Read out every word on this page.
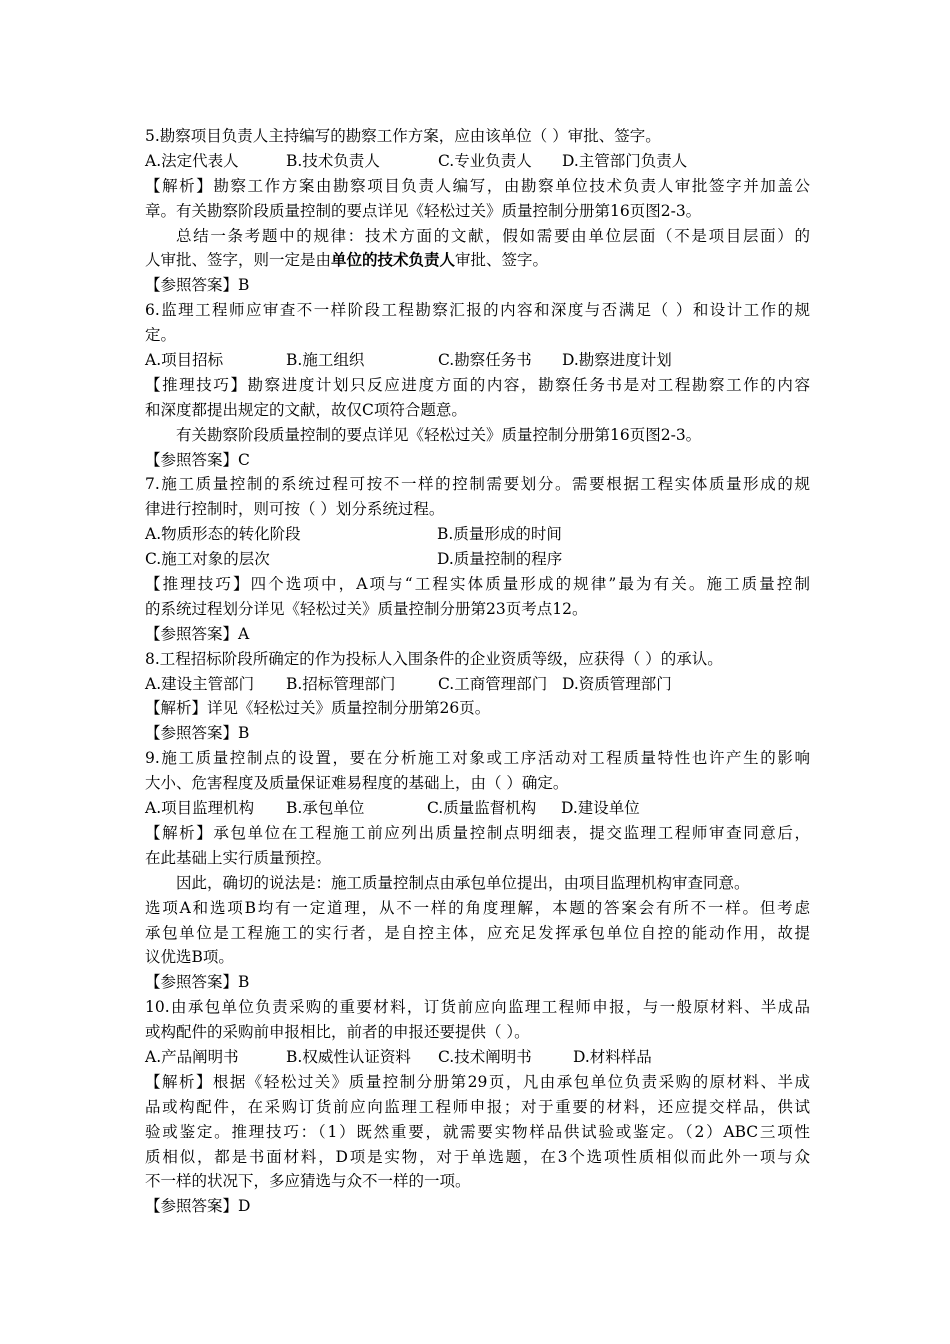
5.勘察项目负责人主持编写的勘察工作方案，应由该单位（ ）审批、签字。
A.法定代表人	B.技术负责人	C.专业负责人	D.主管部门负责人
【解析】勘察工作方案由勘察项目负责人编写，由勘察单位技术负责人审批签字并加盖公
章。有关勘察阶段质量控制的要点详见《轻松过关》质量控制分册第16页图2-3。
总结一条考题中的规律：技术方面的文献，假如需要由单位层面（不是项目层面）的
人审批、签字，则一定是由单位的技术负责人审批、签字。
【参照答案】B
6.监理工程师应审查不一样阶段工程勘察汇报的内容和深度与否满足（ ）和设计工作的规
定。
A.项目招标	B.施工组织	C.勘察任务书	D.勘察进度计划
【推理技巧】勘察进度计划只反应进度方面的内容，勘察任务书是对工程勘察工作的内容
和深度都提出规定的文献，故仅C项符合题意。
有关勘察阶段质量控制的要点详见《轻松过关》质量控制分册第16页图2-3。
【参照答案】C
7.施工质量控制的系统过程可按不一样的控制需要划分。需要根据工程实体质量形成的规
律进行控制时，则可按（ ）划分系统过程。
A.物质形态的转化阶段	B.质量形成的时间
C.施工对象的层次	D.质量控制的程序
【推理技巧】四个选项中，A项与“工程实体质量形成的规律”最为有关。施工质量控制
的系统过程划分详见《轻松过关》质量控制分册第23页考点12。
【参照答案】A
8.工程招标阶段所确定的作为投标人入围条件的企业资质等级，应获得（ ）的承认。
A.建设主管部门	B.招标管理部门	C.工商管理部门 D.资质管理部门
【解析】详见《轻松过关》质量控制分册第26页。
【参照答案】B
9.施工质量控制点的设置，要在分析施工对象或工序活动对工程质量特性也许产生的影响
大小、危害程度及质量保证难易程度的基础上，由（ ）确定。
A.项目监理机构	B.承包单位	C.质量监督机构	D.建设单位
【解析】承包单位在工程施工前应列出质量控制点明细表，提交监理工程师审查同意后，
在此基础上实行质量预控。
因此，确切的说法是：施工质量控制点由承包单位提出，由项目监理机构审查同意。
选项A和选项B均有一定道理，从不一样的角度理解，本题的答案会有所不一样。但考虑
承包单位是工程施工的实行者，是自控主体，应充足发挥承包单位自控的能动作用，故提
议优选B项。
【参照答案】B
10.由承包单位负责采购的重要材料，订货前应向监理工程师申报，与一般原材料、半成品
或构配件的采购前申报相比，前者的申报还要提供（ ）。
A.产品阐明书	B.权威性认证资料	C.技术阐明书	D.材料样品
【解析】根据《轻松过关》质量控制分册第29页，凡由承包单位负责采购的原材料、半成
品或构配件，在采购订货前应向监理工程师申报；对于重要的材料，还应提交样品，供试
验或鉴定。推理技巧：（1）既然重要，就需要实物样品供试验或鉴定。（2）ABC三项性
质相似，都是书面材料，D项是实物，对于单选题，在3个选项性质相似而此外一项与众
不一样的状况下，多应猜选与众不一样的一项。
【参照答案】D
